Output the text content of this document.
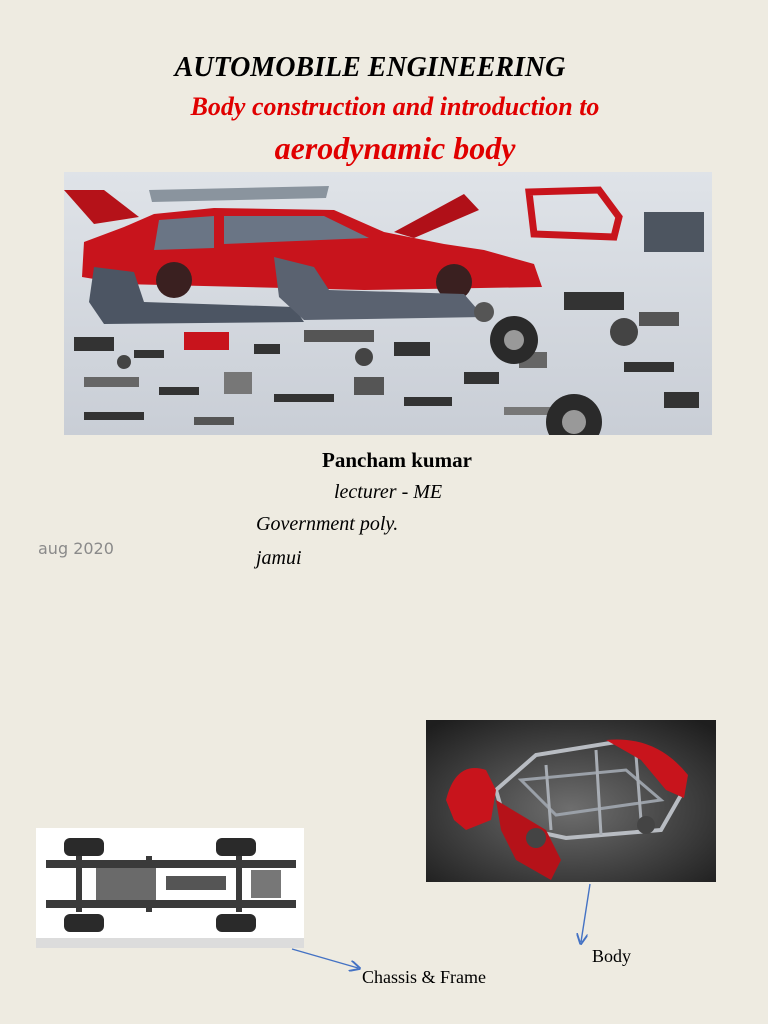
AUTOMOBILE ENGINEERING
Body construction and introduction to
aerodynamic body
Pancham kumar
lecturer - ME
Government poly.
jamui
aug 2020
Body
Chassis & Frame
